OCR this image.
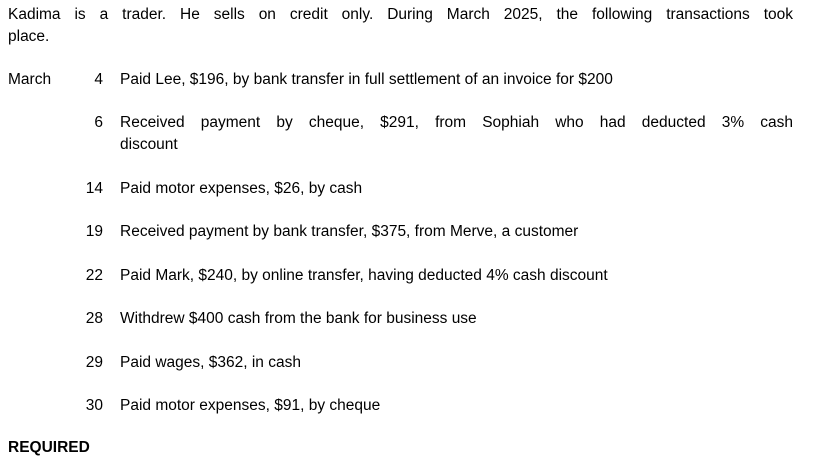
Kadima is a trader. He sells on credit only. During March 2025, the following transactions took
place.
March	4 Paid Lee, $196, by bank transfer in full settlement of an invoice for $200
6 Received payment by cheque, $291, from Sophiah who had deducted 3% cash
discount
14 Paid motor expenses, $26, by cash
19 Received payment by bank transfer, $375, from Merve, a customer
22 Paid Mark, $240, by online transfer, having deducted 4% cash discount
28 Withdrew $400 cash from the bank for business use
29 Paid wages, $362, in cash
30 Paid motor expenses, $91, by cheque
REQUIRED
